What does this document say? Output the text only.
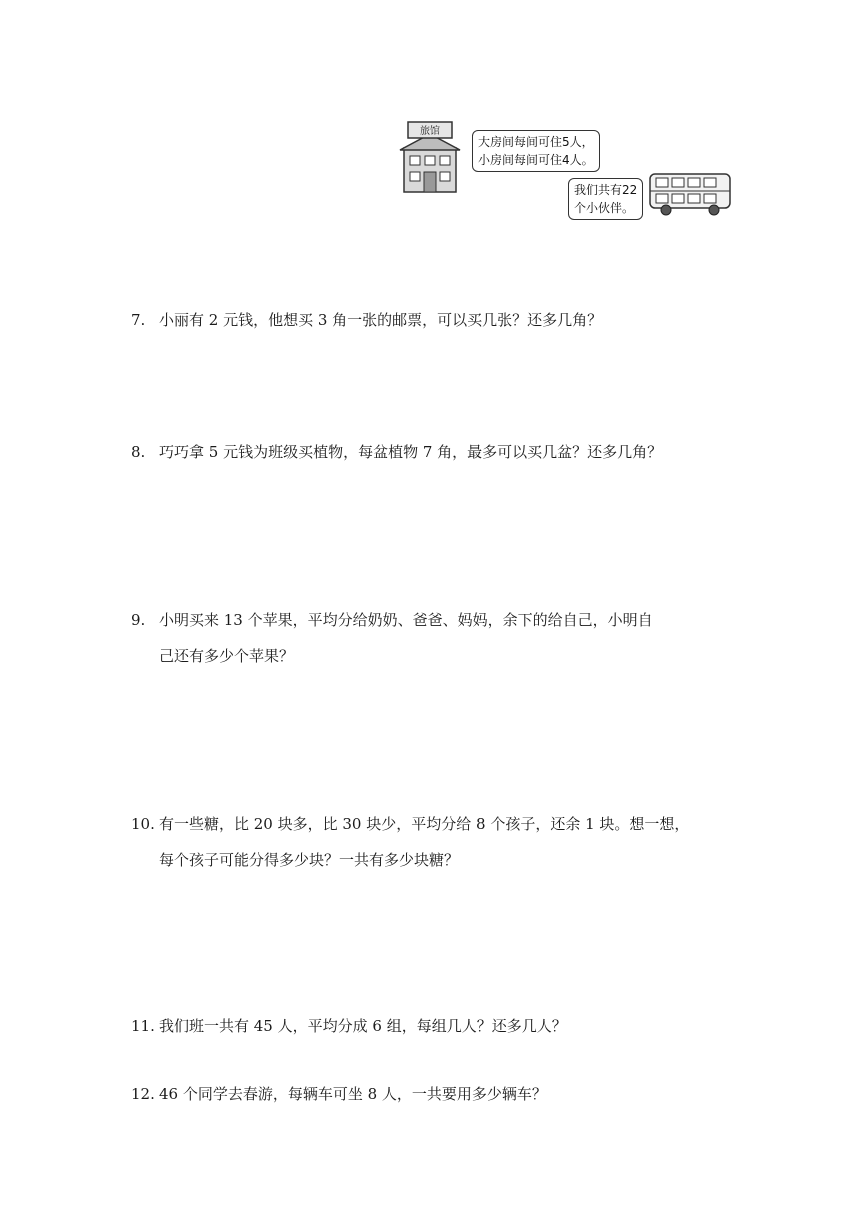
旅馆
大房间每间可住5人，
小房间每间可住4人。
我们共有22
个小伙伴。
7. 小丽有 2 元钱，他想买 3 角一张的邮票，可以买几张？还多几角？
8. 巧巧拿 5 元钱为班级买植物，每盆植物 7 角，最多可以买几盆？还多几角？
9. 小明买来 13 个苹果，平均分给奶奶、爸爸、妈妈，余下的给自己，小明自
己还有多少个苹果？
10. 有一些糖，比 20 块多，比 30 块少，平均分给 8 个孩子，还余 1 块。想一想，
每个孩子可能分得多少块？一共有多少块糖？
11. 我们班一共有 45 人，平均分成 6 组，每组几人？还多几人？
12. 46 个同学去春游，每辆车可坐 8 人，一共要用多少辆车？
